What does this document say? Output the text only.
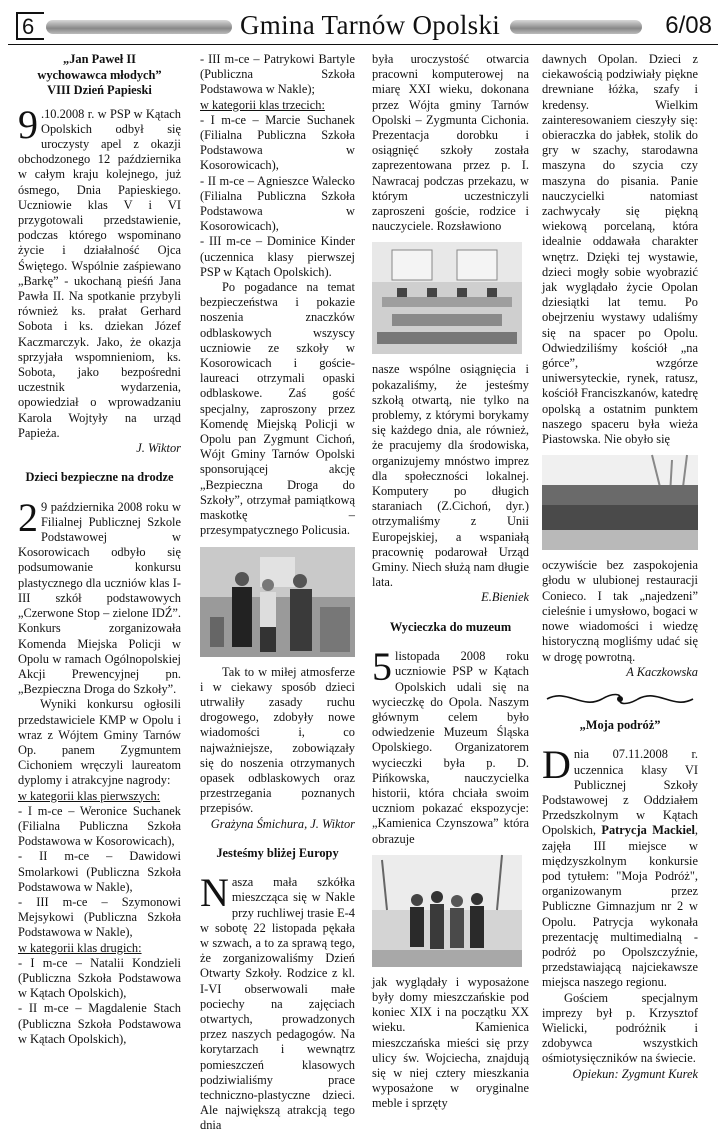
6	Gmina Tarnów Opolski	6/08

„Jan Paweł II
wychowawca młodych”
VIII Dzień Papieski

9 .10.2008 r. w PSP w Kątach Opolskich odbył się uroczysty apel z okazji obchodzonego 12 października w całym kraju kolejnego, już ósmego, Dnia Papieskiego. Uczniowie klas V i VI przygotowali przedstawienie, podczas którego wspominano życie i działalność Ojca Świętego. Wspólnie zaśpiewano „Barkę” - ukochaną pieśń Jana Pawła II. Na spotkanie przybyli również ks. prałat Gerhard Sobota i ks. dziekan Józef Kaczmarczyk. Jako, że okazja sprzyjała wspomnieniom, ks. Sobota, jako bezpośredni uczestnik wydarzenia, opowiedział o wprowadzaniu Karola Wojtyły na urząd Papieża.

J. Wiktor

Dzieci bezpieczne na drodze

2 9 października 2008 roku w Filialnej Publicznej Szkole Podstawowej w Kosorowicach odbyło się podsumowanie konkursu plastycznego dla uczniów klas I-III szkół podstawowych „Czerwone Stop – zielone IDŹ”. Konkurs zorganizowała Komenda Miejska Policji w Opolu w ramach Ogólnopolskiej Akcji Prewencyjnej pn. „Bezpieczna Droga do Szkoły”.

Wyniki konkursu ogłosili przedstawiciele KMP w Opolu i wraz z Wójtem Gminy Tarnów Op. panem Zygmuntem Cichoniem wręczyli laureatom dyplomy i atrakcyjne nagrody:

w kategorii klas pierwszych:

- I m-ce – Weronice Suchanek (Filialna Publiczna Szkoła Podstawowa w Kosorowicach),

- II m-ce – Dawidowi Smolarkowi (Publiczna Szkoła Podstawowa w Nakle),

- III m-ce – Szymonowi Mejsykowi (Publiczna Szkoła Podstawowa w Nakle),

w kategorii klas drugich:

- I m-ce – Natalii Kondzieli (Publiczna Szkoła Podstawowa w Kątach Opolskich),

- II m-ce – Magdalenie Stach (Publiczna Szkoła Podstawowa w Kątach Opolskich),

- III m-ce – Patrykowi Bartyle (Publiczna Szkoła Podstawowa w Nakle);

w kategorii klas trzecich:

- I m-ce – Marcie Suchanek (Filialna Publiczna Szkoła Podstawowa w Kosorowicach),

- II m-ce – Agnieszce Walecko (Filialna Publiczna Szkoła Podstawowa w Kosorowicach),

- III m-ce – Dominice Kinder (uczennica klasy pierwszej PSP w Kątach Opolskich).

Po pogadance na temat bezpieczeństwa i pokazie noszenia znaczków odblaskowych wszyscy uczniowie ze szkoły w Kosorowicach i goście-laureaci otrzymali opaski odblaskowe. Zaś gość specjalny, zaproszony przez Komendę Miejską Policji w Opolu pan Zygmunt Cichoń, Wójt Gminy Tarnów Opolski sponsorującej akcję „Bezpieczna Droga do Szkoły”, otrzymał pamiątkową maskotkę – przesympatycznego Policusia.

Tak to w miłej atmosferze i w ciekawy sposób dzieci utrwaliły zasady ruchu drogowego, zdobyły nowe wiadomości i, co najważniejsze, zobowiązały się do noszenia otrzymanych opasek odblaskowych oraz przestrzegania poznanych przepisów.

Grażyna Śmichura, J. Wiktor

Jesteśmy bliżej Europy

Nasza mała szkółka mieszcząca się w Nakle przy ruchliwej trasie E-4 w sobotę 22 listopada pękała w szwach, a to za sprawą tego, że zorganizowaliśmy Dzień Otwarty Szkoły. Rodzice z kl. I-VI obserwowali małe pociechy na zajęciach otwartych, prowadzonych przez naszych pedagogów. Na korytarzach i wewnątrz pomieszczeń klasowych podziwialiśmy prace techniczno-plastyczne dzieci. Ale największą atrakcją tego dnia

była uroczystość otwarcia pracowni komputerowej na miarę XXI wieku, dokonana przez Wójta gminy Tarnów Opolski – Zygmunta Cichonia. Prezentacja dorobku i osiągnięć szkoły została zaprezentowana przez p. I. Nawracaj podczas przekazu, w którym uczestniczyli zaproszeni goście, rodzice i nauczyciele. Rozsławiono

nasze wspólne osiągnięcia i pokazaliśmy, że jesteśmy szkołą otwartą, nie tylko na problemy, z którymi borykamy się każdego dnia, ale również, że pracujemy dla środowiska, organizujemy mnóstwo imprez dla społeczności lokalnej. Komputery po długich staraniach (Z.Cichoń, dyr.) otrzymaliśmy z Unii Europejskiej, a wspaniałą pracownię podarował Urząd Gminy. Niech służą nam długie lata.

E.Bieniek

Wycieczka do muzeum

5 listopada 2008 roku uczniowie PSP w Kątach Opolskich udali się na wycieczkę do Opola. Naszym głównym celem było odwiedzenie Muzeum Śląska Opolskiego. Organizatorem wycieczki była p. D. Pińkowska, nauczycielka historii, która chciała swoim uczniom pokazać ekspozycje: „Kamienica Czynszowa” która obrazuje

jak wyglądały i wyposażone były domy mieszczańskie pod koniec XIX i na początku XX wieku. Kamienica mieszczańska mieści się przy ulicy św. Wojciecha, znajdują się w niej cztery mieszkania wyposażone w oryginalne meble i sprzęty

dawnych Opolan. Dzieci z ciekawością podziwiały piękne drewniane łóżka, szafy i kredensy. Wielkim zainteresowaniem cieszyły się: obieraczka do jabłek, stolik do gry w szachy, starodawna maszyna do szycia czy maszyna do pisania. Panie nauczycielki natomiast zachwycały się piękną wiekową porcelaną, która idealnie oddawała charakter wnętrz. Dzięki tej wystawie, dzieci mogły sobie wyobrazić jak wyglądało życie Opolan dziesiątki lat temu. Po obejrzeniu wystawy udaliśmy się na spacer po Opolu. Odwiedziliśmy kościół „na górce”, wzgórze uniwersyteckie, rynek, ratusz, kościół Franciszkanów, katedrę opolską a ostatnim punktem naszego spaceru była wieża Piastowska. Nie obyło się

oczywiście bez zaspokojenia głodu w ulubionej restauracji Conieco. I tak „najedzeni” cieleśnie i umysłowo, bogaci w nowe wiadomości i wiedzę historyczną mogliśmy udać się w drogę powrotną.

A Kaczkowska

„Moja podróż”

Dnia 07.11.2008 r. uczennica klasy VI Publicznej Szkoły Podstawowej z Oddziałem Przedszkolnym w Kątach Opolskich, Patrycja Mackiel, zajęła III miejsce w międzyszkolnym konkursie pod tytułem: "Moja Podróż", organizowanym przez Publiczne Gimnazjum nr 2 w Opolu. Patrycja wykonała prezentację multimedialną - podróż po Opolszczyźnie, przedstawiającą najciekawsze miejsca naszego regionu.

Gościem specjalnym imprezy był p. Krzysztof Wielicki, podróżnik i zdobywca wszystkich ośmiotysięczników na świecie.

Opiekun: Zygmunt Kurek
